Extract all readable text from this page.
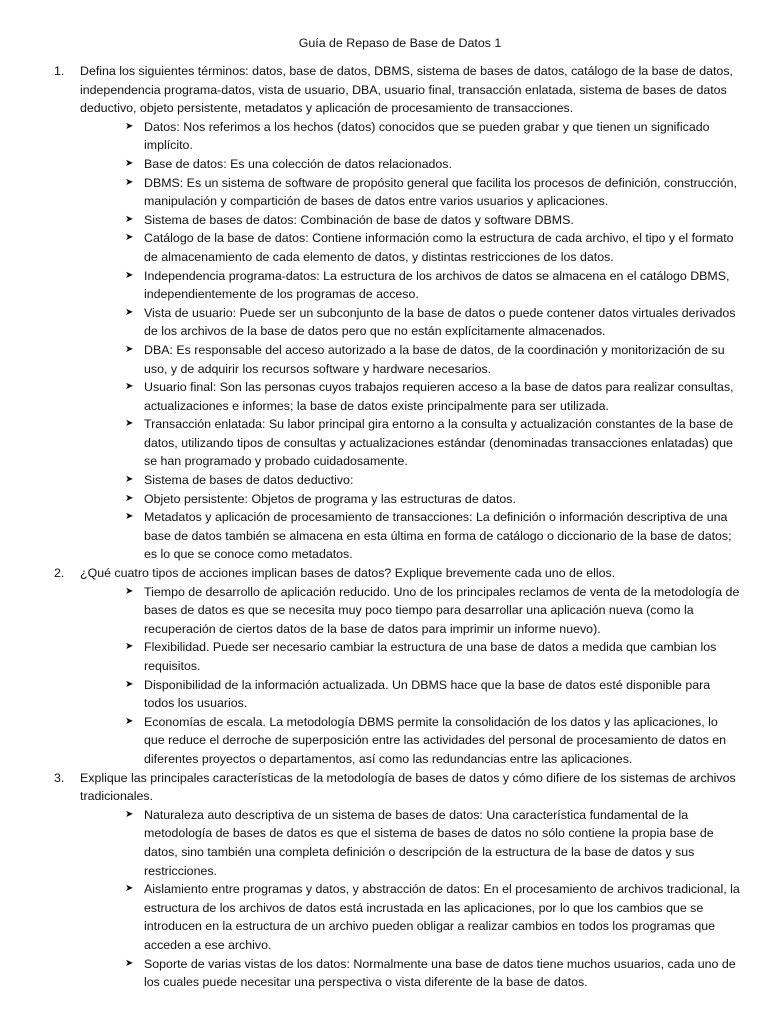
Guía de Repaso de Base de Datos 1
1. Defina los siguientes términos: datos, base de datos, DBMS, sistema de bases de datos, catálogo de la base de datos, independencia programa-datos, vista de usuario, DBA, usuario final, transacción enlatada, sistema de bases de datos deductivo, objeto persistente, metadatos y aplicación de procesamiento de transacciones.
➤ Datos: Nos referimos a los hechos (datos) conocidos que se pueden grabar y que tienen un significado implícito.
➤ Base de datos: Es una colección de datos relacionados.
➤ DBMS: Es un sistema de software de propósito general que facilita los procesos de definición, construcción, manipulación y compartición de bases de datos entre varios usuarios y aplicaciones.
➤ Sistema de bases de datos: Combinación de base de datos y software DBMS.
➤ Catálogo de la base de datos: Contiene información como la estructura de cada archivo, el tipo y el formato de almacenamiento de cada elemento de datos, y distintas restricciones de los datos.
➤ Independencia programa-datos: La estructura de los archivos de datos se almacena en el catálogo DBMS, independientemente de los programas de acceso.
➤ Vista de usuario: Puede ser un subconjunto de la base de datos o puede contener datos virtuales derivados de los archivos de la base de datos pero que no están explícitamente almacenados.
➤ DBA: Es responsable del acceso autorizado a la base de datos, de la coordinación y monitorización de su uso, y de adquirir los recursos software y hardware necesarios.
➤ Usuario final: Son las personas cuyos trabajos requieren acceso a la base de datos para realizar consultas, actualizaciones e informes; la base de datos existe principalmente para ser utilizada.
➤ Transacción enlatada: Su labor principal gira entorno a la consulta y actualización constantes de la base de datos, utilizando tipos de consultas y actualizaciones estándar (denominadas transacciones enlatadas) que se han programado y probado cuidadosamente.
➤ Sistema de bases de datos deductivo:
➤ Objeto persistente: Objetos de programa y las estructuras de datos.
➤ Metadatos y aplicación de procesamiento de transacciones: La definición o información descriptiva de una base de datos también se almacena en esta última en forma de catálogo o diccionario de la base de datos; es lo que se conoce como metadatos.
2. ¿Qué cuatro tipos de acciones implican bases de datos? Explique brevemente cada uno de ellos.
➤ Tiempo de desarrollo de aplicación reducido. Uno de los principales reclamos de venta de la metodología de bases de datos es que se necesita muy poco tiempo para desarrollar una aplicación nueva (como la recuperación de ciertos datos de la base de datos para imprimir un informe nuevo).
➤ Flexibilidad. Puede ser necesario cambiar la estructura de una base de datos a medida que cambian los requisitos.
➤ Disponibilidad de la información actualizada. Un DBMS hace que la base de datos esté disponible para todos los usuarios.
➤ Economías de escala. La metodología DBMS permite la consolidación de los datos y las aplicaciones, lo que reduce el derroche de superposición entre las actividades del personal de procesamiento de datos en diferentes proyectos o departamentos, así como las redundancias entre las aplicaciones.
3. Explique las principales características de la metodología de bases de datos y cómo difiere de los sistemas de archivos tradicionales.
➤ Naturaleza auto descriptiva de un sistema de bases de datos: Una característica fundamental de la metodología de bases de datos es que el sistema de bases de datos no sólo contiene la propia base de datos, sino también una completa definición o descripción de la estructura de la base de datos y sus restricciones.
➤ Aislamiento entre programas y datos, y abstracción de datos: En el procesamiento de archivos tradicional, la estructura de los archivos de datos está incrustada en las aplicaciones, por lo que los cambios que se introducen en la estructura de un archivo pueden obligar a realizar cambios en todos los programas que acceden a ese archivo.
➤ Soporte de varias vistas de los datos: Normalmente una base de datos tiene muchos usuarios, cada uno de los cuales puede necesitar una perspectiva o vista diferente de la base de datos.
